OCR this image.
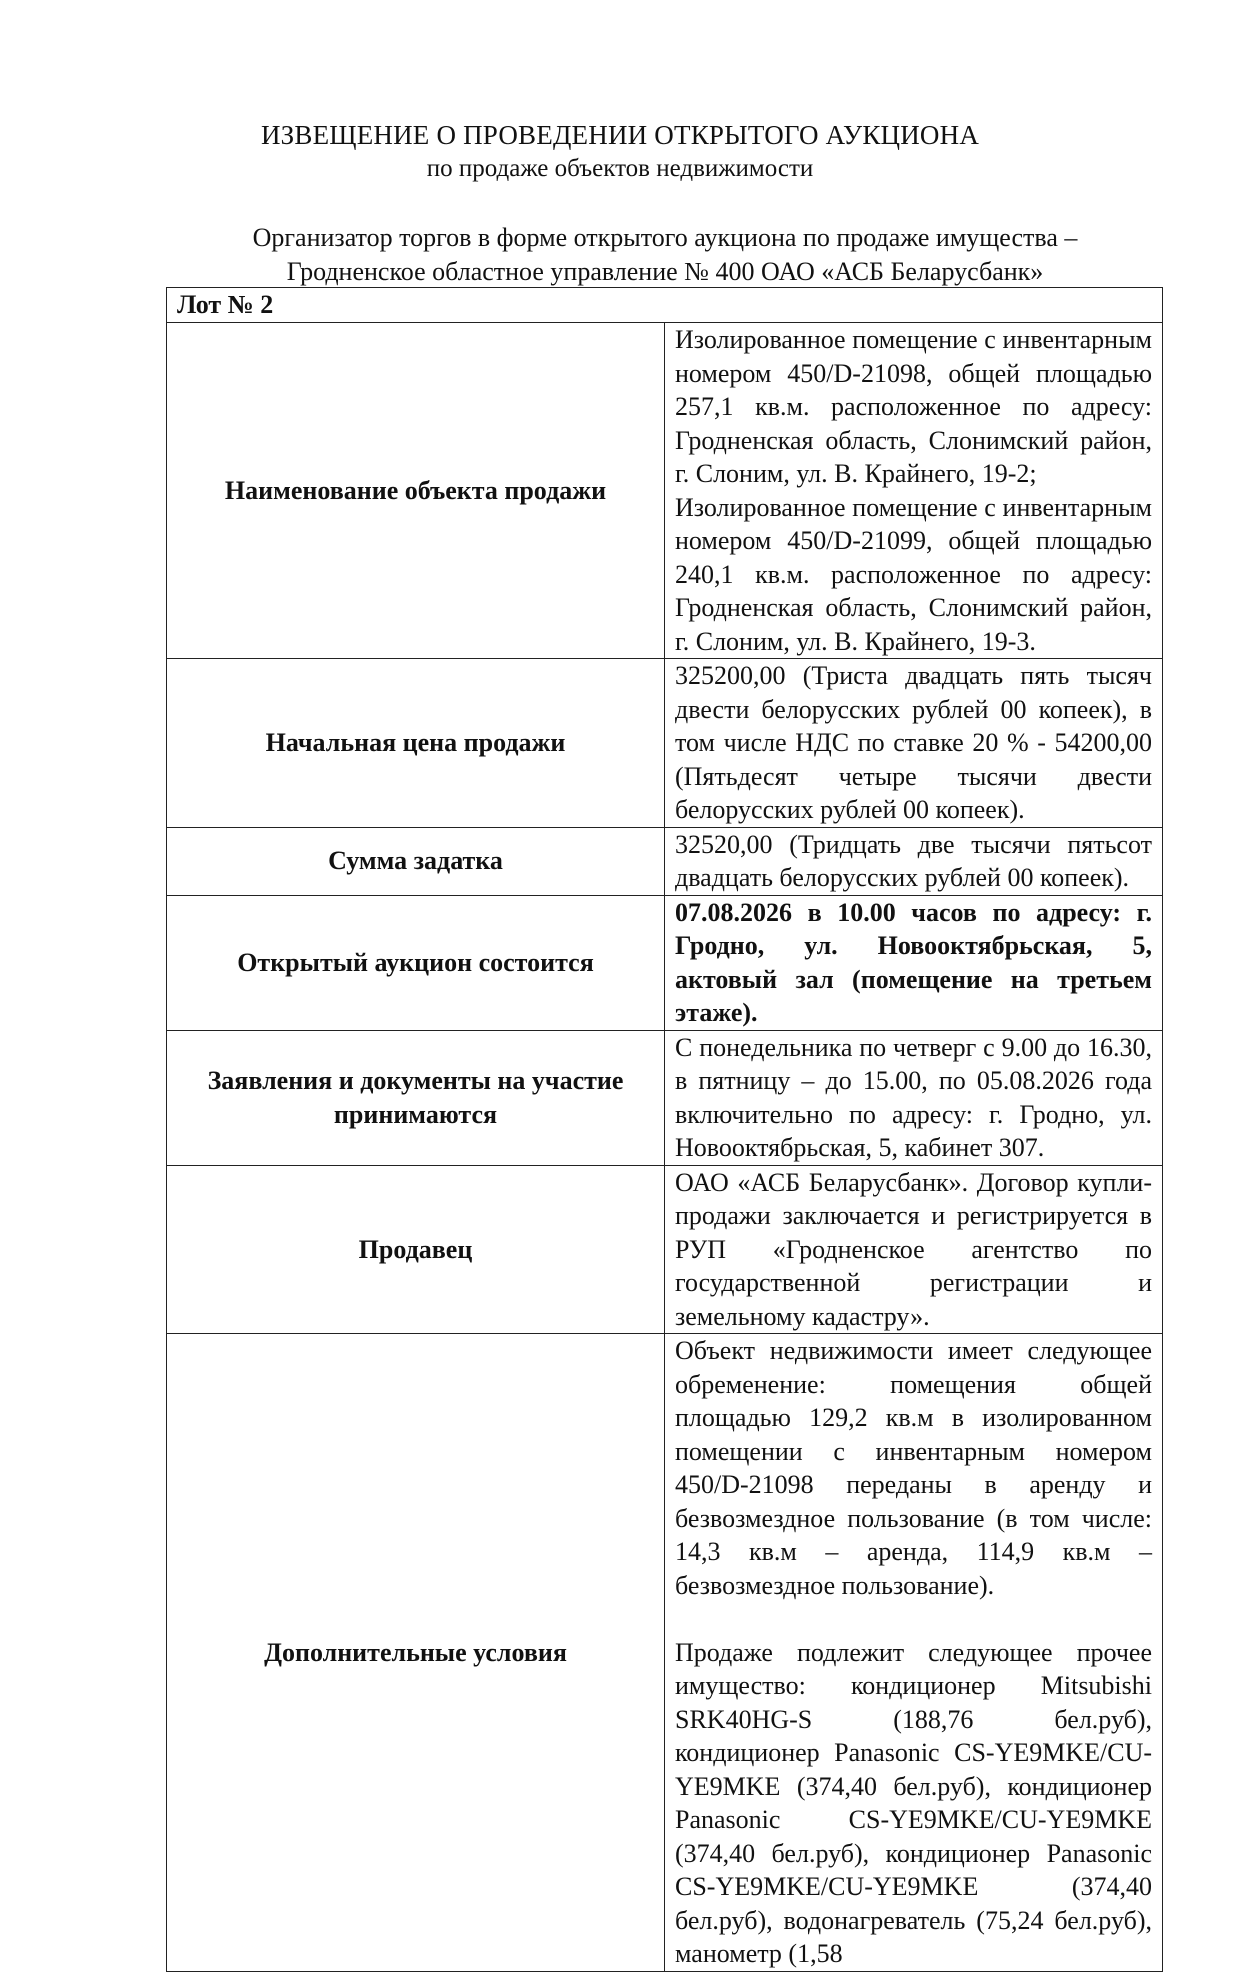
ИЗВЕЩЕНИЕ О ПРОВЕДЕНИИ ОТКРЫТОГО АУКЦИОНА
по продаже объектов недвижимости
Организатор торгов в форме открытого аукциона по продаже имущества –
Гродненское областное управление № 400 ОАО «АСБ Беларусбанк»
Лот № 2	
Наименование объекта продажи	Изолированное помещение с инвентарным номером 450/D-21098, общей площадью 257,1 кв.м. расположенное по адресу: Гродненская область, Слонимский район, г. Слоним, ул. В. Крайнего, 19-2;
Изолированное помещение с инвентарным номером 450/D-21099, общей площадью 240,1 кв.м. расположенное по адресу: Гродненская область, Слонимский район, г. Слоним, ул. В. Крайнего, 19-3.

Начальная цена продажи	325200,00 (Триста двадцать пять тысяч двести белорусских рублей 00 копеек), в том числе НДС по ставке 20 % - 54200,00 (Пятьдесят четыре тысячи двести белорусских рублей 00 копеек).
Сумма задатка	32520,00 (Тридцать две тысячи пятьсот двадцать белорусских рублей 00 копеек).
Открытый аукцион состоится	07.08.2026 в 10.00 часов по адресу: г. Гродно, ул. Новооктябрьская, 5, актовый зал (помещение на третьем этаже).
Заявления и документы на участие принимаются	С понедельника по четверг с 9.00 до 16.30, в пятницу – до 15.00, по 05.08.2026 года включительно по адресу: г. Гродно, ул. Новооктябрьская, 5, кабинет 307.
Продавец	ОАО «АСБ Беларусбанк». Договор купли-продажи заключается и регистрируется в РУП «Гродненское агентство по государственной регистрации и земельному кадастру».
Дополнительные условия	Объект недвижимости имеет следующее обременение: помещения общей площадью 129,2 кв.м в изолированном помещении с инвентарным номером 450/D-21098 переданы в аренду и безвозмездное пользование (в том числе: 14,3 кв.м – аренда, 114,9 кв.м – безвозмездное пользование).
Продаже подлежит следующее прочее имущество: кондиционер Mitsubishi SRK40HG-S (188,76 бел.руб), кондиционер Panasonic CS-YE9MKE/CU-YE9MKE (374,40 бел.руб), кондиционер Panasonic CS-YE9MKE/CU-YE9MKE (374,40 бел.руб), кондиционер Panasonic CS-YE9MKE/CU-YE9MKE (374,40 бел.руб), водонагреватель (75,24 бел.руб), манометр (1,58
